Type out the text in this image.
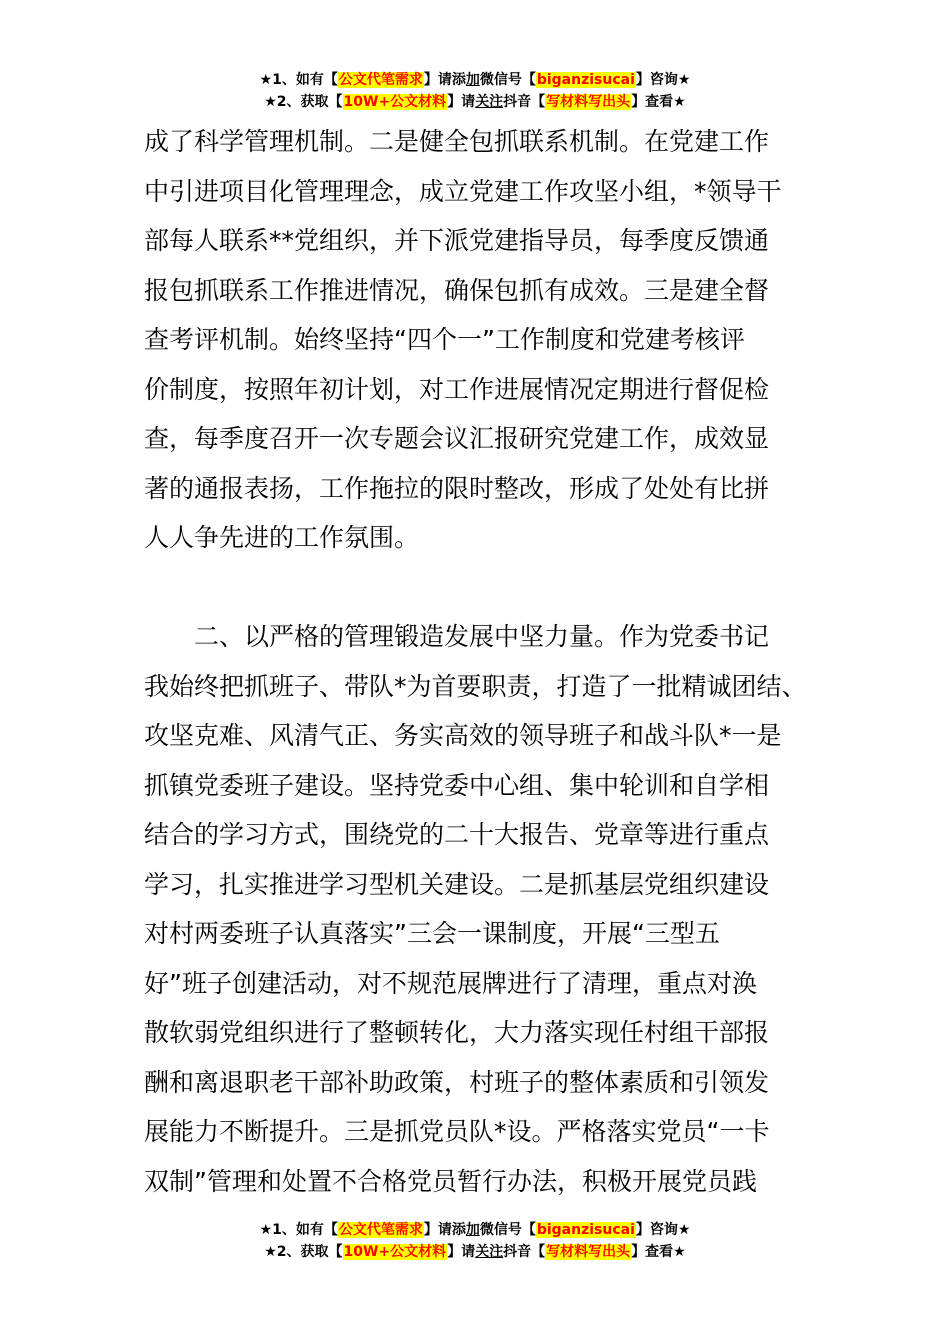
★1、如有【公文代笔需求】请添加微信号【biganzisucai】咨询★
★2、获取【10W+公文材料】请关注抖音【写材料写出头】查看★
成了科学管理机制。二是健全包抓联系机制。在党建工作
中引进项目化管理理念，成立党建工作攻坚小组，*领导干
部每人联系**党组织，并下派党建指导员，每季度反馈通
报包抓联系工作推进情况，确保包抓有成效。三是建全督
查考评机制。始终坚持“四个一”工作制度和党建考核评
价制度，按照年初计划，对工作进展情况定期进行督促检
查，每季度召开一次专题会议汇报研究党建工作，成效显
著的通报表扬，工作拖拉的限时整改，形成了处处有比拼
人人争先进的工作氛围。
二、以严格的管理锻造发展中坚力量。作为党委书记
我始终把抓班子、带队*为首要职责，打造了一批精诚团结、
攻坚克难、风清气正、务实高效的领导班子和战斗队*一是
抓镇党委班子建设。坚持党委中心组、集中轮训和自学相
结合的学习方式，围绕党的二十大报告、党章等进行重点
学习，扎实推进学习型机关建设。二是抓基层党组织建设
对村两委班子认真落实”三会一课制度，开展“三型五
好”班子创建活动，对不规范展牌进行了清理，重点对涣
散软弱党组织进行了整顿转化，大力落实现任村组干部报
酬和离退职老干部补助政策，村班子的整体素质和引领发
展能力不断提升。三是抓党员队*设。严格落实党员“一卡
双制”管理和处置不合格党员暂行办法，积极开展党员践
★1、如有【公文代笔需求】请添加微信号【biganzisucai】咨询★
★2、获取【10W+公文材料】请关注抖音【写材料写出头】查看★
